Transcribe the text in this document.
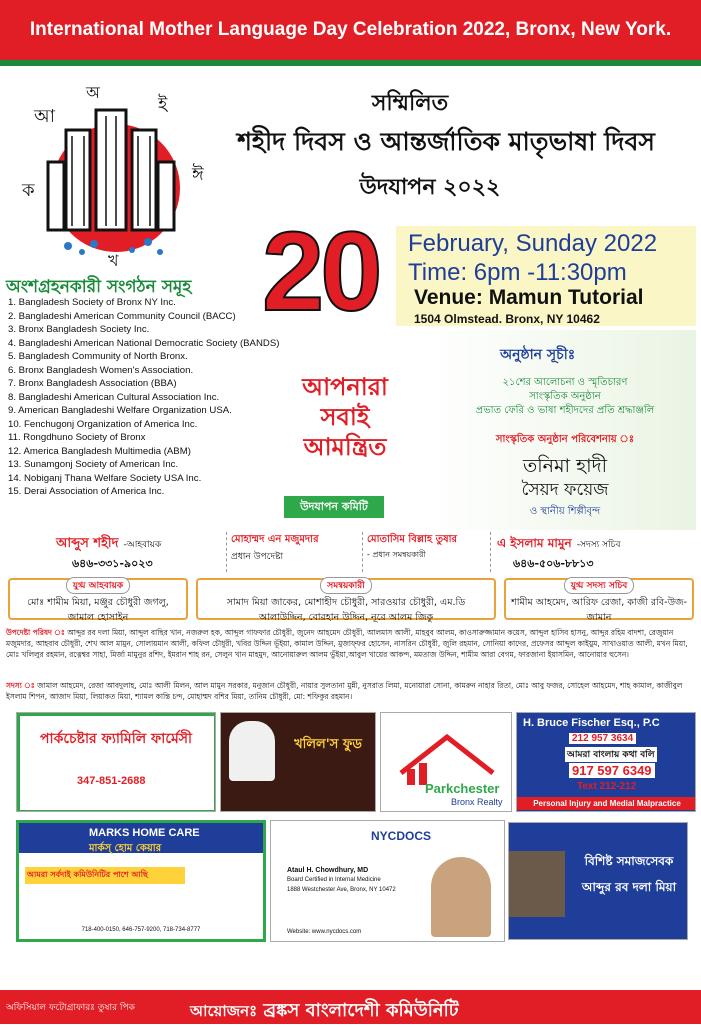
International Mother Language Day Celebration 2022, Bronx, New York.
আ
অ
ই
ঈ
ক
খ
সম্মিলিত
শহীদ দিবস ও আন্তর্জাতিক মাতৃভাষা দিবস
উদযাপন ২০২২
20	February, Sunday 2022
Time: 6pm -11:30pm
Venue: Mamun Tutorial
1504 Olmstead. Bronx, NY 10462
অংশগ্রহনকারী সংগঠন সমূহ
1. Bangladesh Society of Bronx NY Inc.
2. Bangladeshi American Community Council (BACC)
3. Bronx Bangladesh Society Inc.
4. Bangladeshi American National Democratic Society (BANDS)
5. Bangladesh Community of North Bronx.
6. Bronx Bangladesh Women's Association.
7. Bronx Bangladesh Association (BBA)
8. Bangladeshi American Cultural Association Inc.
9. American Bangladeshi Welfare Organization USA.
10. Fenchugonj Organization of America Inc.
11. Rongdhuno Society of Bronx
12. America Bangladesh Multimedia (ABM)
13. Sunamgonj Society of American Inc.
14. Nobiganj Thana Welfare Society USA Inc.
15. Derai Association of America Inc.
অনুষ্ঠান সূচীঃ
২১শের আলোচনা ও স্মৃতিচারণ
সাংস্কৃতিক অনুষ্ঠান
প্রভাত ফেরি ও ভাষা শহীদদের প্রতি শ্রদ্ধাঞ্জলি
সাংস্কৃতিক অনুষ্ঠান পরিবেশনায় ঃ
তনিমা হাদী
সৈয়দ ফয়েজ
ও স্থানীয় শিল্পীবৃন্দ
আপনারা
সবাই
আমন্ত্রিত
উদযাপন কমিটি
আব্দুস শহীদ -আহবায়ক
৬৪৬-৩৩১-৯০২৩
মোহাম্মদ এন মজুমদার
প্রধান উপদেষ্টা
মোতাসিম বিল্লাহ তুষার
- প্রধান সমন্বয়কারী
এ ইসলাম মামুন -সদস্য সচিব
৬৪৬-৫০৬-৮৮১৩
যুগ্ম আহবায়ক
মোঃ শামীম মিয়া, মঞ্জুর চৌধুরী জগলু, জামাল হোসাইন
সমন্বয়কারী
সামাদ মিয়া জাকের, মোশাহীদ চৌধুরী, সারওয়ার চৌধুরী, এম.ডি আলাউদ্দিন, বোরহান উদ্দিন, নূরে আলম জিকু
যুগ্ম সদস্য সচিব
শামীম আহমেদ, আরিফ রেজা, কাজী রবি-উজ-জামান
উপদেষ্টা পরিষদ ঃ আব্দুর রব দলা মিয়া, আব্দুল বাছির খান, নজরুল হক, আব্দুল গাফফার চৌধুরী, জুনেদ আহমেদ চৌধুরী, আলমাস আলী, মাহবুব আলম, কাওসারুজ্জামান কয়েস, আব্দুল হাসিব হাসনু, আব্দুর রহিম বাদশা, রেজুয়ান মজুমদার, আহবাব চৌধুরী, শেখ আল মামুন, সোলায়মান আলী, কফিল চৌধুরী, খবির উদ্দিন ভূঁইয়া, কামাল উদ্দিন, মুজাফ্ফর হোসেন, নাসরিন চৌধুরী, জুলি রহমান, সোনিয়া কাদের, প্রফেসর আব্দুল কাইয়ুম, সাখাওয়াত আলী, মখন মিয়া, মোঃ খলিলুর রহমান, রত্নেশ্বর সাহা, মির্জা মামুনুর রশিদ, ইমরান শাহ রন, সেলুন খান মাহমুদ, আনোয়ারুল আলম ভুঁইয়া,আবুল খায়ের আকন্দ, মমতাজ উদ্দিন, শামীম আরা বেগম, ফারজানা ইয়াসমিন, আনোয়ার হুসেন।
সদস্য ঃ জামাল আহমেদ, রেজা আবদুলাহ, মোঃ আলী মিলন, আল মামুন সরকার, মনুজান চৌধুরী, নায়ার সুলতানা মুন্নী, নুসরাত লিমা, মনোয়ারা সোনা, কামরুন নাহার রিতা, মোঃ আবু ফজর, সোহেল আহমেদ, শাহ কামাল, কাজীবুল ইসলাম শিপন, আজাদ মিয়া, লিয়াকত মিয়া, শ্যামল কান্তি চন্দ, মোহাম্মদ বশির মিয়া, তানিম চৌধুরী, মো: শফিকুর রহমান।
পার্কচেষ্টার ফ্যামিলি ফার্মেসী
347-851-2688
খলিল'স ফুড
Parkchester
Bronx Realty
H. Bruce Fischer Esq., P.C
212 957 3634
আমরা বাংলায় কথা বলি
917 597 6349
Text 212-212
Personal Injury and Medial Malpractice
MARKS HOME CARE
মার্কস্ হোম কেয়ার
আমরা সর্বদাই কমিউনিটির পাশে আছি
718-400-0150, 646-757-9200, 718-734-8777
NYCDOCS
Ataul H. Chowdhury, MD
Board Certified in Internal Medicine
1888 Westchester Ave, Bronx, NY 10472
Website: www.nycdocs.com
বিশিষ্ট সমাজসেবক
আব্দুর রব দলা মিয়া
অফিসিয়াল ফটোগ্রাফারঃ তুষার পিক	আয়োজনঃ ব্রঙ্কস বাংলাদেশী কমিউনিটি
